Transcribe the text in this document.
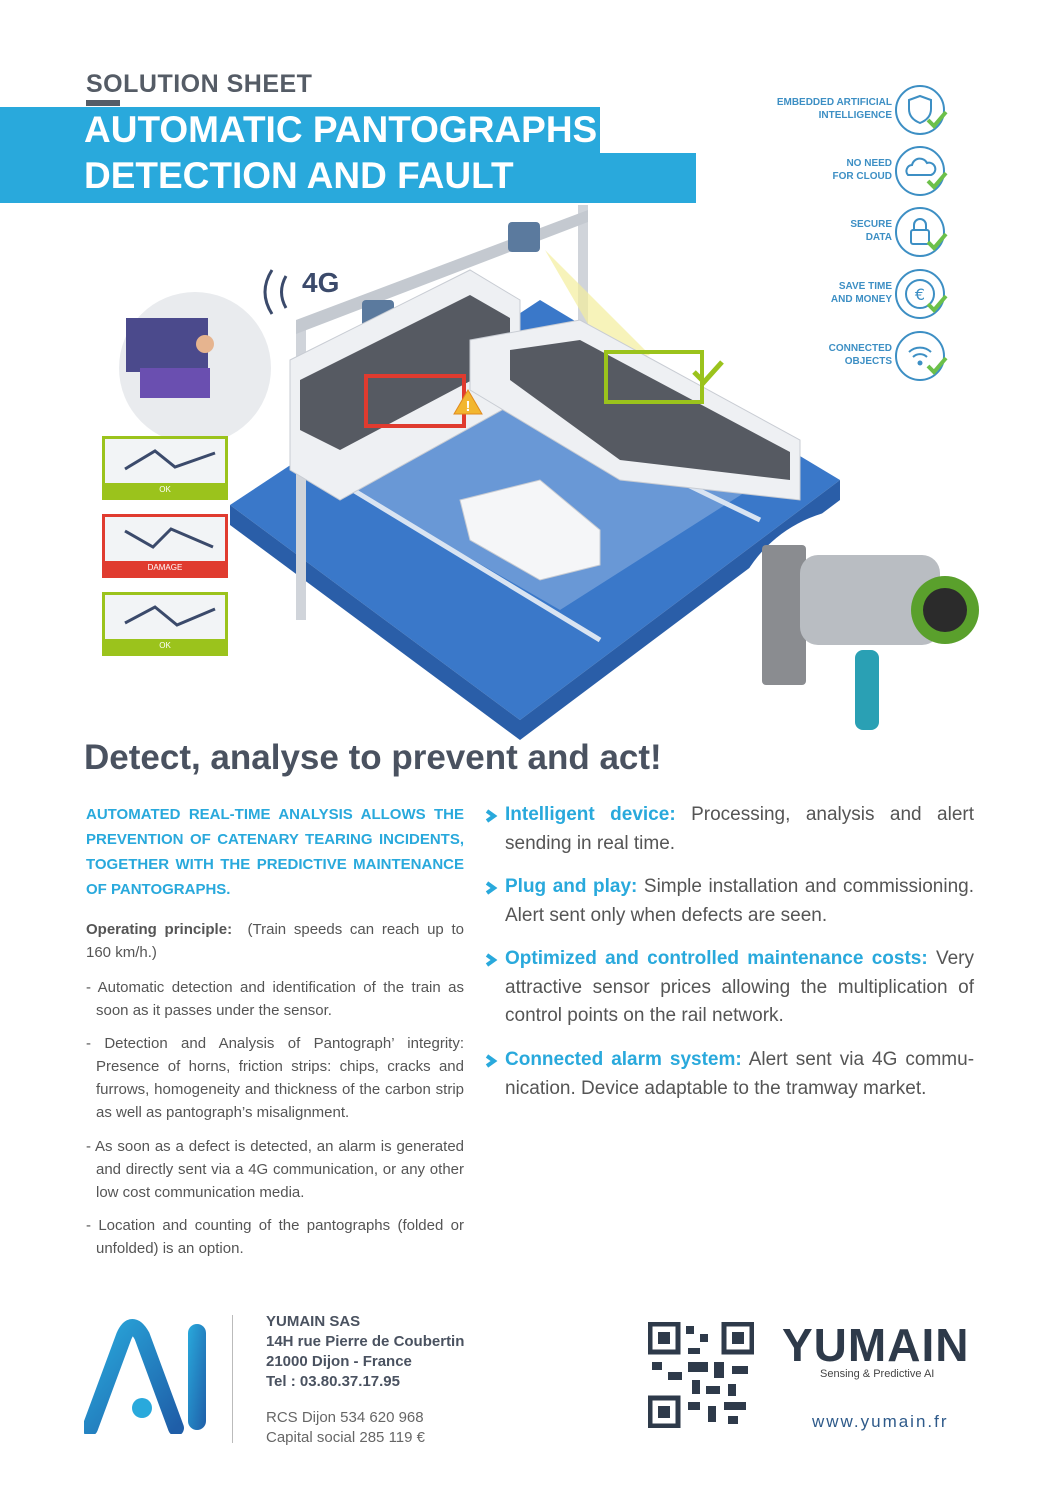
SOLUTION SHEET
AUTOMATIC PANTOGRAPHS
DETECTION AND FAULT ANALYSIS
!
4G
OK
DAMAGE
OK
EMBEDDED ARTIFICIAL
INTELLIGENCE
NO NEED
FOR CLOUD
SECURE
DATA
SAVE TIME
AND MONEY €
CONNECTED
OBJECTS
Detect, analyse to prevent and act!
AUTOMATED REAL-TIME ANALYSIS ALLOWS THE PREVENTION OF CATENARY TEARING INCIDENTS, TOGETHER WITH THE PREDICTIVE MAINTENANCE OF PANTOGRAPHS.
Operating principle: (Train speeds can reach up to 160 km/h.)
- Automatic detection and identification of the train as soon as it passes under the sensor.
- Detection and Analysis of Pantograph’ integrity: Presence of horns, friction strips: chips, cracks and furrows, homogeneity and thickness of the carbon strip as well as pantograph’s misalignment.
- As soon as a defect is detected, an alarm is generated and directly sent via a 4G communication, or any other low cost communication media.
- Location and counting of the pantographs (folded or unfolded) is an option.
Intelligent device: Processing, analysis and alert sending in real time.
Plug and play: Simple installation and commissioning. Alert sent only when defects are seen.
Optimized and controlled maintenance costs: Very attractive sensor prices allowing the multiplication of control points on the rail network.
Connected alarm system: Alert sent via 4G communication. Device adaptable to the tramway market.
YUMAIN SAS
14H rue Pierre de Coubertin
21000 Dijon - France
Tel : 03.80.37.17.95
RCS Dijon 534 620 968
Capital social 285 119 €
YUMAIN
Sensing & Predictive AI
www.yumain.fr
